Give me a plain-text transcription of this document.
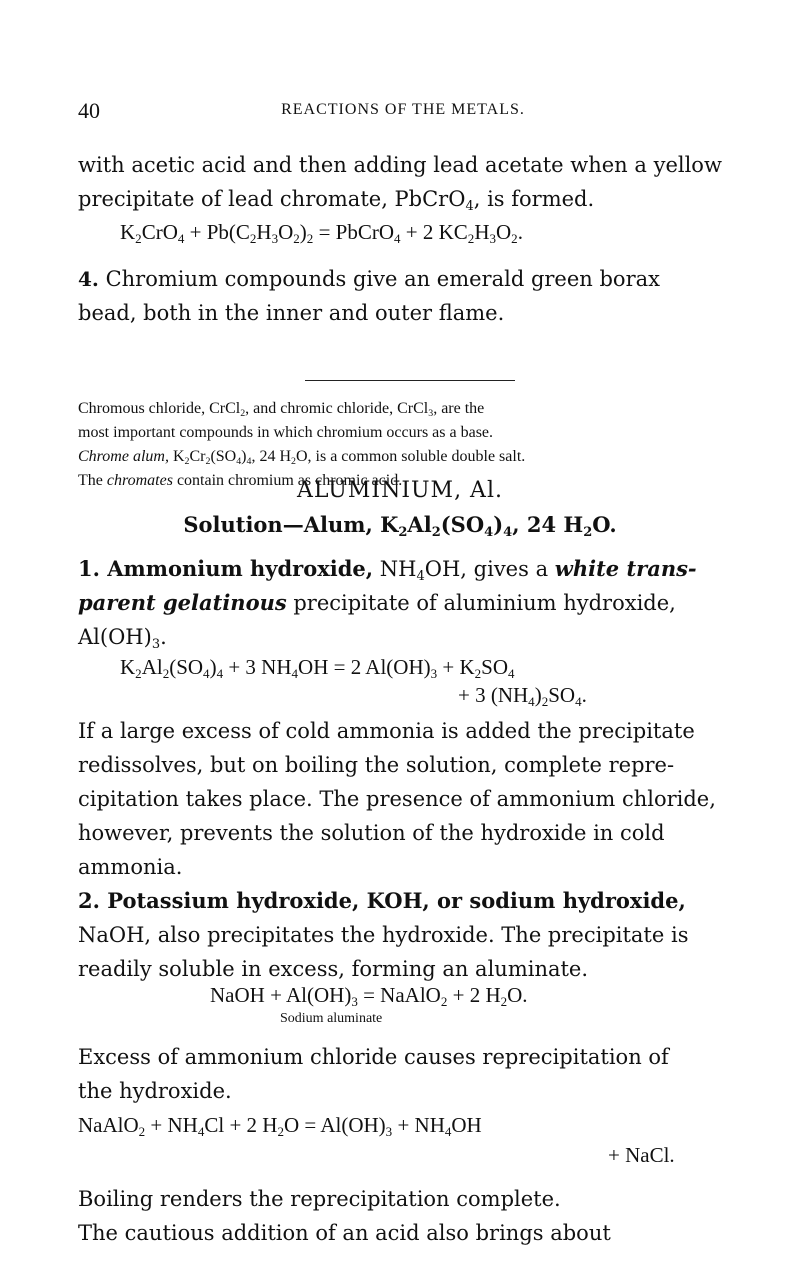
40	REACTIONS OF THE METALS.
with acetic acid and then adding lead acetate when a yellow
precipitate of lead chromate, PbCrO$_4$, is formed.
$K_2CrO_4 + Pb(C_2H_3O_2)_2$ = PbCrO$_4$ + 2 $KC_2H_3O_2$.
4. Chromium compounds give an emerald green borax
bead, both in the inner and outer flame.
Chromous chloride, CrCl$_2$, and chromic chloride, CrCl$_3$, are the
most important compounds in which chromium occurs as a base.
Chrome alum, $K_2Cr_2(SO_4)_4$, 24 $H_2O$, is a common soluble double salt.
The chromates contain chromium as chromic acid.
ALUMINIUM, Al.
Solution—Alum, $K_2Al_2(SO_4)_4$, 24 $H_2O$.
1. Ammonium hydroxide, $NH_4OH$, gives a white trans-
parent gelatinous precipitate of aluminium hydroxide,
$Al(OH)_3$.
$K_2Al_2(SO_4)_4 + 3$ $NH_4OH = 2$ $Al(OH)_3 + K_2SO_4$
+ 3 $(NH_4)_2SO_4$.
If a large excess of cold ammonia is added the precipitate
redissolves, but on boiling the solution, complete repre-
cipitation takes place. The presence of ammonium chloride,
however, prevents the solution of the hydroxide in cold
ammonia.
2. Potassium hydroxide, KOH, or sodium hydroxide,
NaOH, also precipitates the hydroxide. The precipitate is
readily soluble in excess, forming an aluminate.
NaOH + $Al(OH)_3$ = NaAlO$_2$ + 2 $H_2O$.
Sodium aluminate
Excess of ammonium chloride causes reprecipitation of
the hydroxide.
NaAlO$_2$ + $NH_4Cl + 2$ $H_2O = Al(OH)_3 + NH_4OH$
+ NaCl.
Boiling renders the reprecipitation complete.
The cautious addition of an acid also brings about
